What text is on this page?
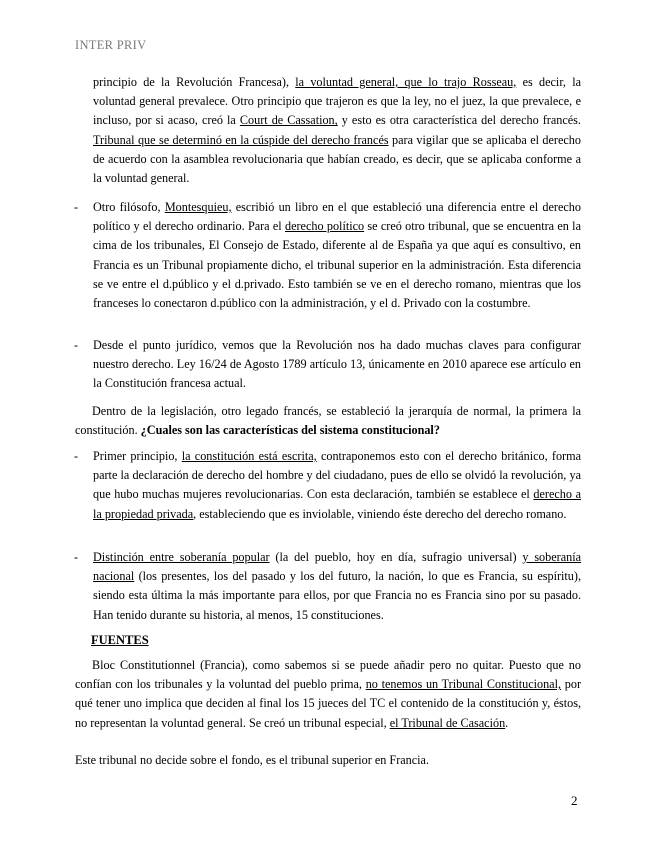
INTER PRIV
principio de la Revolución Francesa), la voluntad general, que lo trajo Rosseau, es decir, la voluntad general prevalece. Otro principio que trajeron es que la ley, no el juez, la que prevalece, e incluso, por si acaso, creó la Court de Cassation, y esto es otra característica del derecho francés. Tribunal que se determinó en la cúspide del derecho francés para vigilar que se aplicaba el derecho de acuerdo con la asamblea revolucionaria que habían creado, es decir, que se aplicaba conforme a la voluntad general.
- Otro filósofo, Montesquieu, escribió un libro en el que estableció una diferencia entre el derecho político y el derecho ordinario. Para el derecho político se creó otro tribunal, que se encuentra en la cima de los tribunales, El Consejo de Estado, diferente al de España ya que aquí es consultivo, en Francia es un Tribunal propiamente dicho, el tribunal superior en la administración. Esta diferencia se ve entre el d.público y el d.privado. Esto también se ve en el derecho romano, mientras que los franceses lo conectaron d.público con la administración, y el d. Privado con la costumbre.
- Desde el punto jurídico, vemos que la Revolución nos ha dado muchas claves para configurar nuestro derecho. Ley 16/24 de Agosto 1789 artículo 13, únicamente en 2010 aparece ese artículo en la Constitución francesa actual.
Dentro de la legislación, otro legado francés, se estableció la jerarquía de normal, la primera la constitución. ¿Cuales son las características del sistema constitucional?
- Primer principio, la constitución está escrita, contraponemos esto con el derecho británico, forma parte la declaración de derecho del hombre y del ciudadano, pues de ello se olvidó la revolución, ya que hubo muchas mujeres revolucionarias. Con esta declaración, también se establece el derecho a la propiedad privada, estableciendo que es inviolable, viniendo éste derecho del derecho romano.
- Distinción entre soberanía popular (la del pueblo, hoy en día, sufragio universal) y soberanía nacional (los presentes, los del pasado y los del futuro, la nación, lo que es Francia, su espíritu), siendo esta última la más importante para ellos, por que Francia no es Francia sino por su pasado. Han tenido durante su historia, al menos, 15 constituciones.
FUENTES
Bloc Constitutionnel (Francia), como sabemos si se puede añadir pero no quitar. Puesto que no confían con los tribunales y la voluntad del pueblo prima, no tenemos un Tribunal Constitucional, por qué tener uno implica que deciden al final los 15 jueces del TC el contenido de la constitución y, éstos, no representan la voluntad general. Se creó un tribunal especial, el Tribunal de Casación.
Este tribunal no decide sobre el fondo, es el tribunal superior en Francia.
2
